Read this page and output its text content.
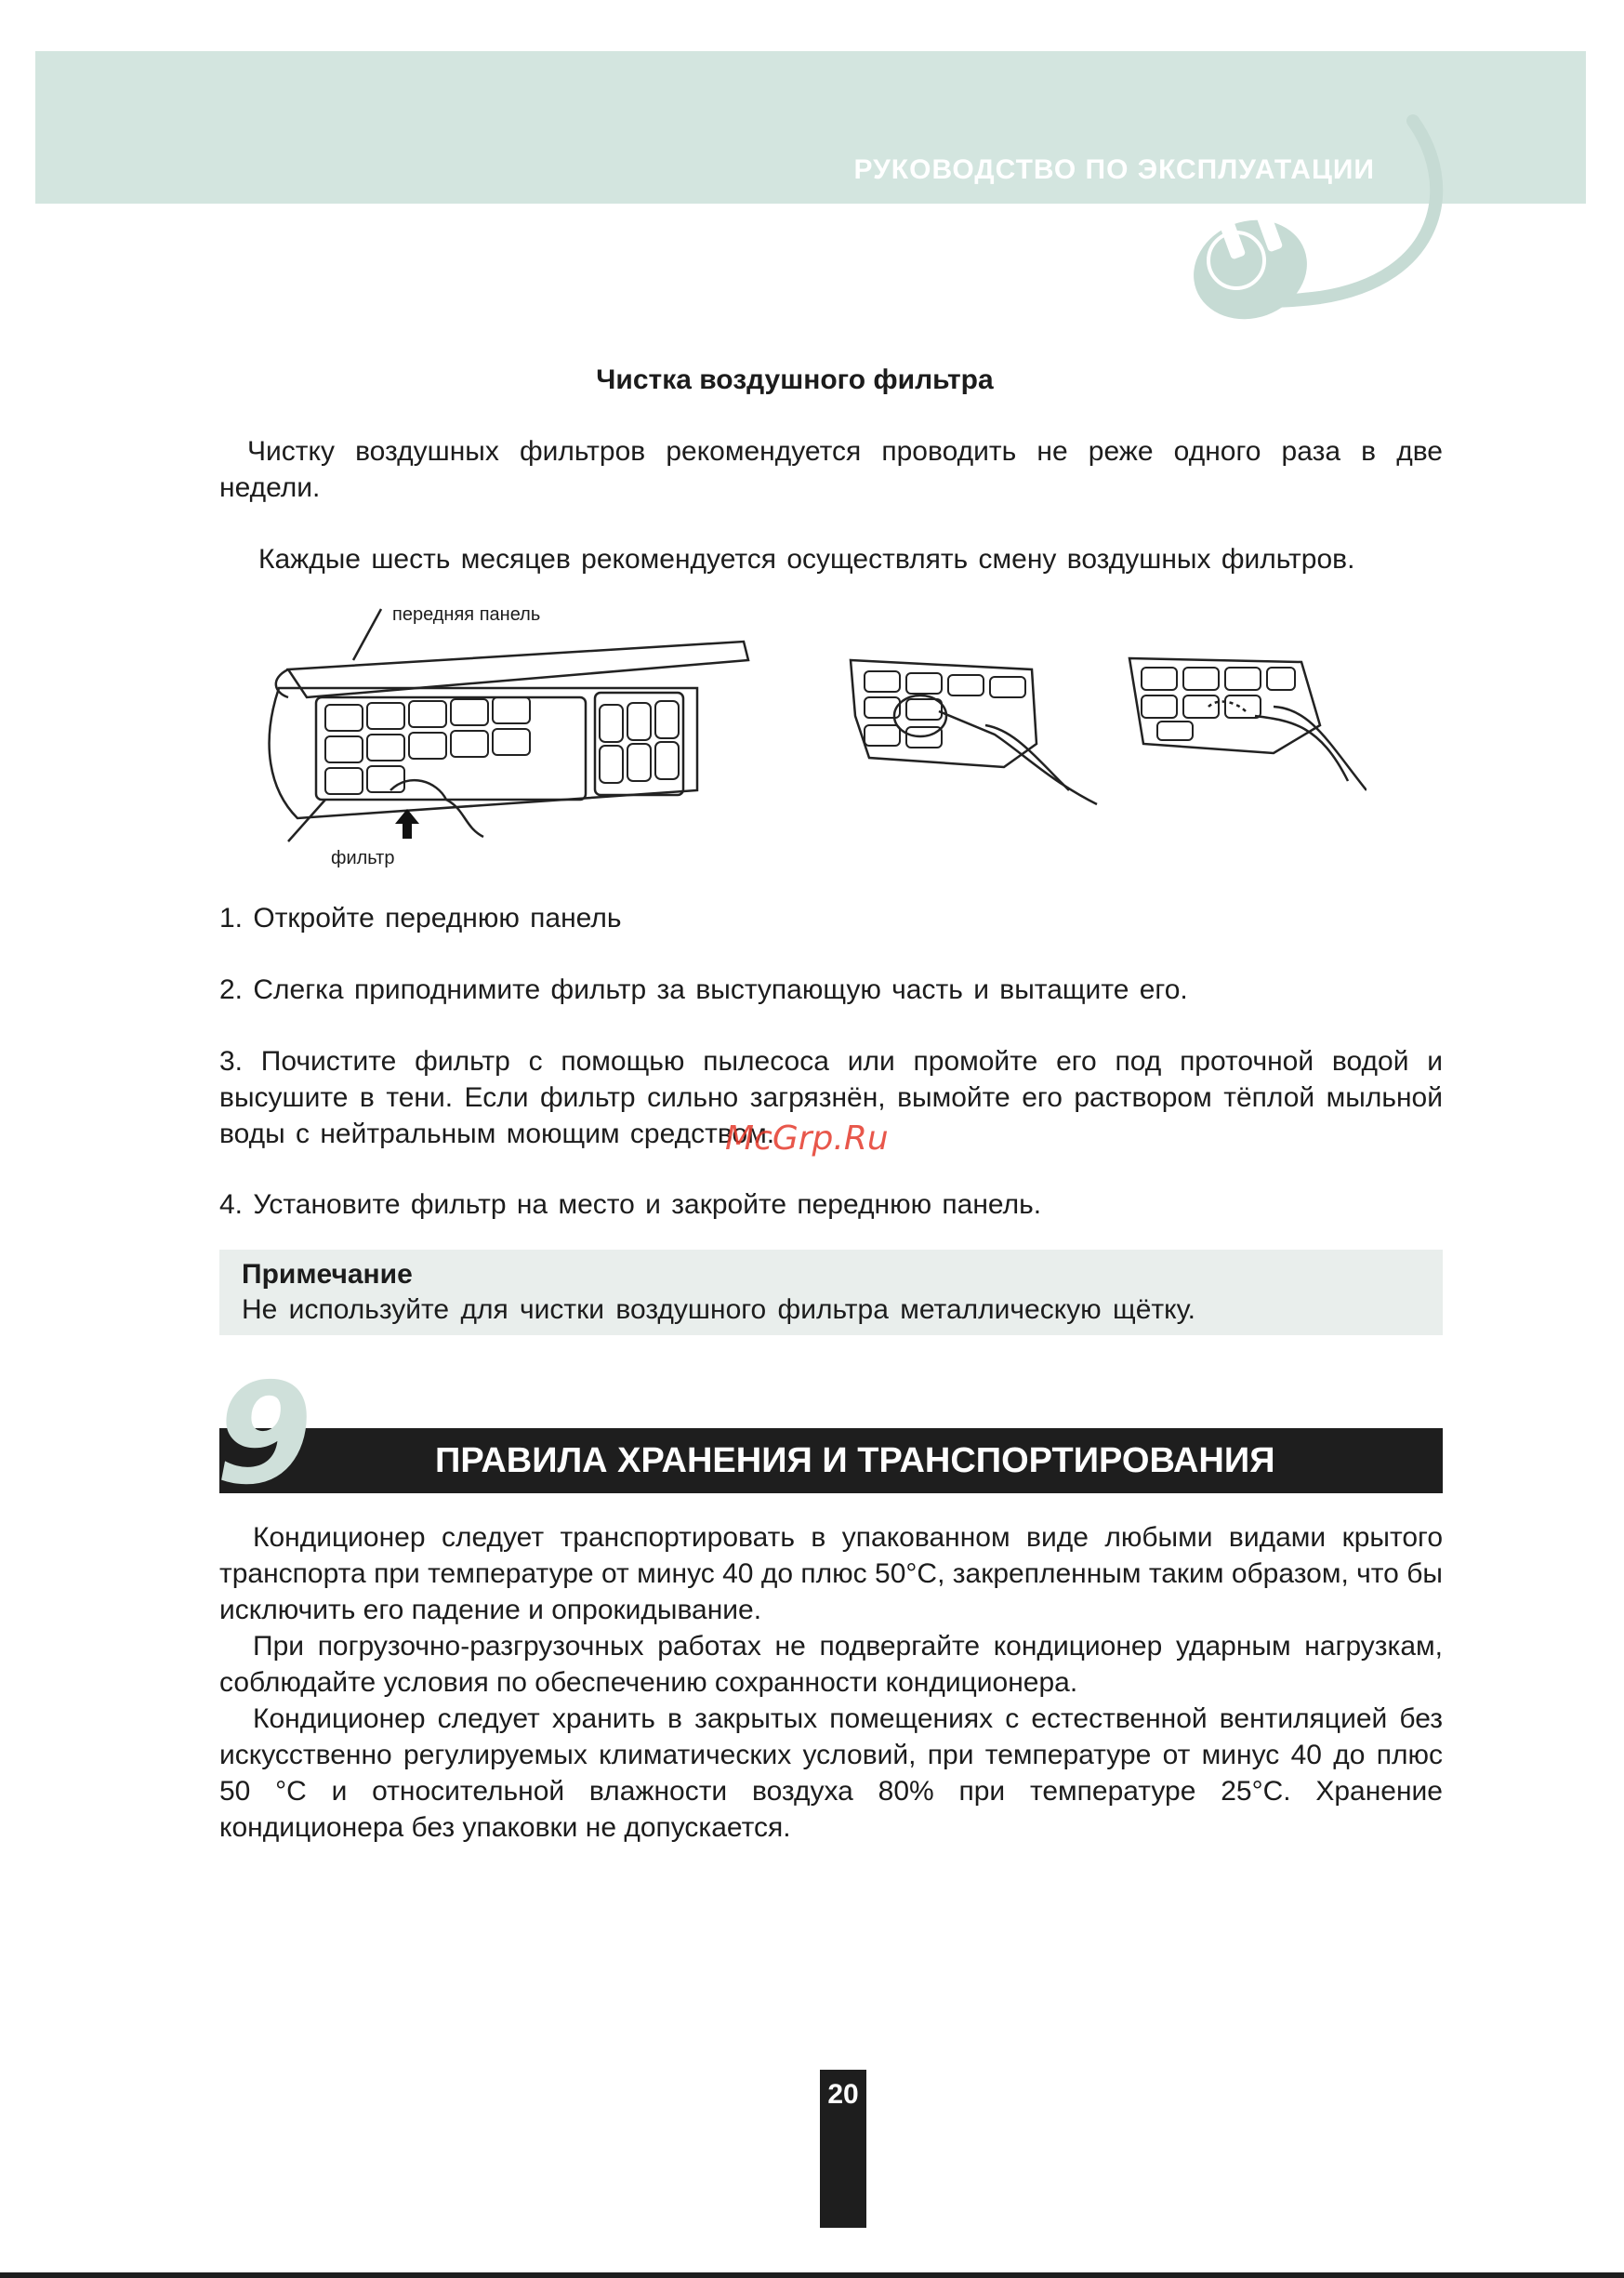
РУКОВОДСТВО ПО ЭКСПЛУАТАЦИИ
Чистка воздушного фильтра
Чистку воздушных фильтров рекомендуется проводить не реже одного раза в две недели.
Каждые шесть месяцев рекомендуется осуществлять смену воздушных фильтров.
передняя панель
фильтр
1. Откройте переднюю панель
2. Слегка приподнимите фильтр за выступающую часть и вытащите его.
3. Почистите фильтр с помощью пылесоса или промойте его под проточной водой и высушите в тени. Если фильтр сильно загрязнён, вымойте его раствором тёплой мыльной воды с нейтральным моющим средством.
McGrp.Ru
4. Установите фильтр на место и закройте переднюю панель.
Примечание
Не используйте для чистки воздушного фильтра металлическую щётку.
9	ПРАВИЛА ХРАНЕНИЯ И ТРАНСПОРТИРОВАНИЯ
Кондиционер следует транспортировать в упакованном виде любыми видами крытого транспорта при температуре от минус 40 до плюс 50°С, закрепленным таким образом, что бы исключить его падение и опрокидывание.
При погрузочно-разгрузочных работах не подвергайте кондиционер ударным нагрузкам, соблюдайте условия по обеспечению сохранности кондиционера.
Кондиционер следует хранить в закрытых помещениях с естественной вентиляцией без искусственно регулируемых климатических условий, при температуре от минус 40 до плюс 50 °С и относительной влажности воздуха 80% при температуре 25°С. Хранение кондиционера без упаковки не допускается.
20
